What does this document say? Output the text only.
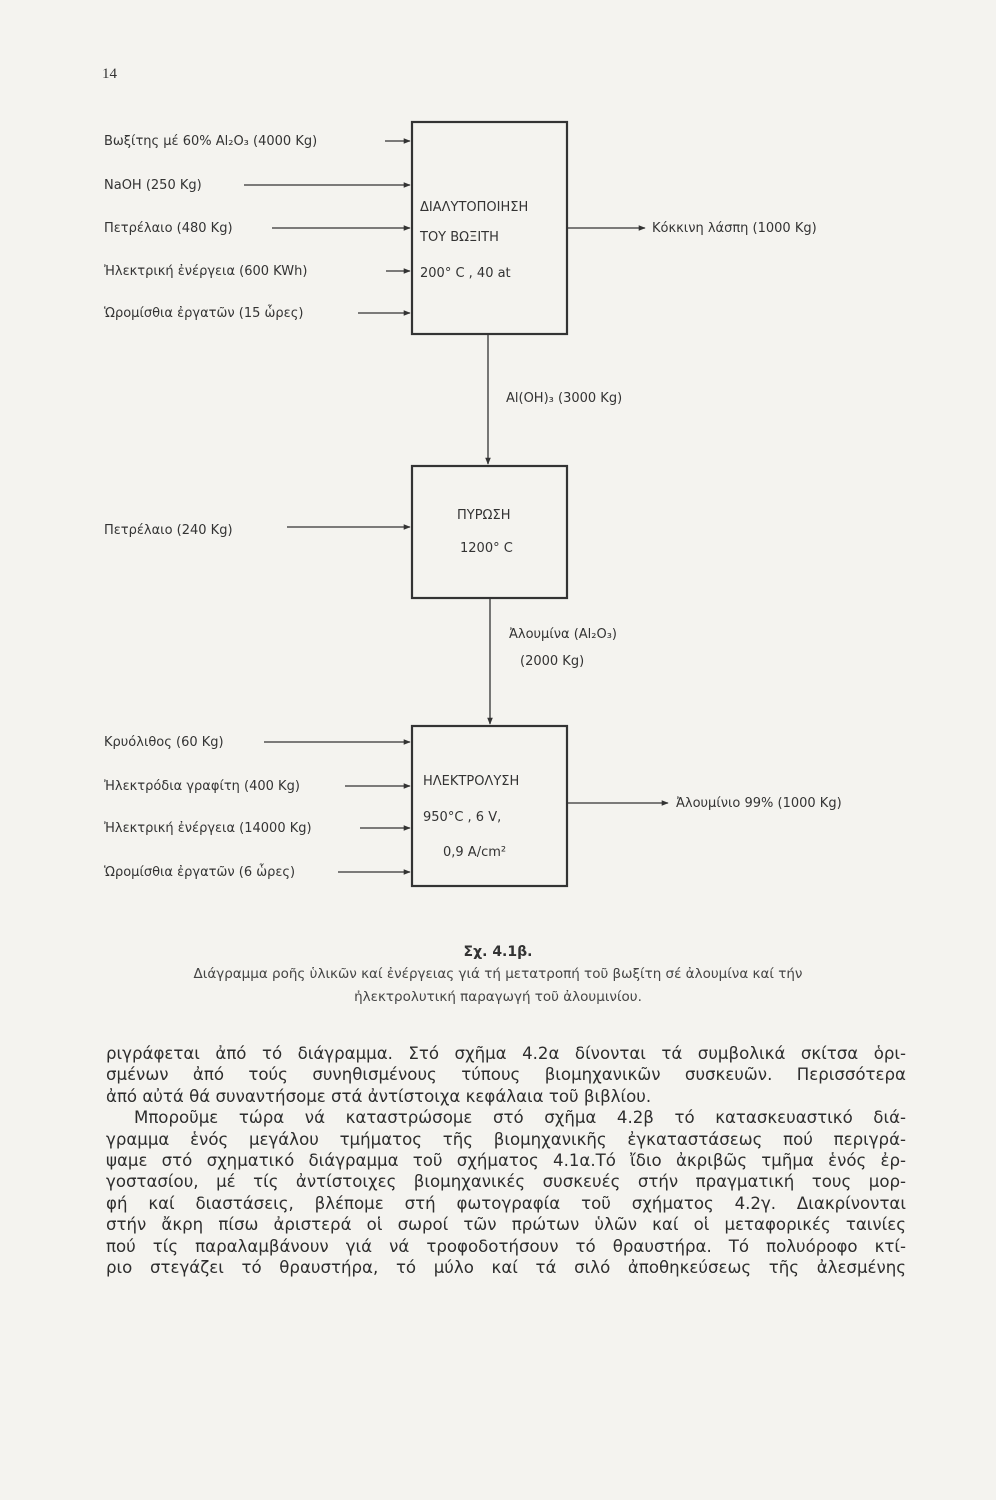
14
ΔΙΑΛΥΤΟΠΟΙΗΣΗ
ΤΟΥ ΒΩΞΙΤΗ
200° C , 40 at
Βωξίτης μέ 60% Al₂O₃ (4000 Kg)
NaOH (250 Kg)
Πετρέλαιο (480 Kg)
Ἠλεκτρική ἐνέργεια (600 KWh)
Ὡρομίσθια ἐργατῶν (15 ὧρες)
Κόκκινη λάσπη (1000 Kg)
Al(OH)₃ (3000 Kg)
ΠΥΡΩΣΗ
1200° C
Πετρέλαιο (240 Kg)
Ἀλουμίνα (Al₂O₃)
(2000 Kg)
ΗΛΕΚΤΡΟΛΥΣΗ
950°C , 6 V,
0,9 A/cm²
Κρυόλιθος (60 Kg)
Ἠλεκτρόδια γραφίτη (400 Kg)
Ἠλεκτρική ἐνέργεια (14000 Kg)
Ὡρομίσθια ἐργατῶν (6 ὧρες)
Ἀλουμίνιο 99% (1000 Kg)
Σχ. 4.1β.
Διάγραμμα ροῆς ὑλικῶν καί ἐνέργειας γιά τή μετατροπή τοῦ βωξίτη σέ ἀλουμίνα καί τήν
ἠλεκτρολυτική παραγωγή τοῦ ἀλουμινίου.
ριγράφεται ἀπό τό διάγραμμα. Στό σχῆμα 4.2α δίνονται τά συμβολικά σκίτσα ὁρι-
σμένων ἀπό τούς συνηθισμένους τύπους βιομηχανικῶν συσκευῶν. Περισσότερα
ἀπό αὐτά θά συναντήσομε στά ἀντίστοιχα κεφάλαια τοῦ βιβλίου.
Μποροῦμε τώρα νά καταστρώσομε στό σχῆμα 4.2β τό κατασκευαστικό διά-
γραμμα ἑνός μεγάλου τμήματος τῆς βιομηχανικῆς ἐγκαταστάσεως πού περιγρά-
ψαμε στό σχηματικό διάγραμμα τοῦ σχήματος 4.1α.Τό ἴδιο ἀκριβῶς τμῆμα ἑνός ἐρ-
γοστασίου, μέ τίς ἀντίστοιχες βιομηχανικές συσκευές στήν πραγματική τους μορ-
φή καί διαστάσεις, βλέπομε στή φωτογραφία τοῦ σχήματος 4.2γ. Διακρίνονται
στήν ἄκρη πίσω ἀριστερά οἱ σωροί τῶν πρώτων ὑλῶν καί οἱ μεταφορικές ταινίες
πού τίς παραλαμβάνουν γιά νά τροφοδοτήσουν τό θραυστήρα. Τό πολυόροφο κτί-
ριο στεγάζει τό θραυστήρα, τό μύλο καί τά σιλό ἀποθηκεύσεως τῆς ἀλεσμένης
